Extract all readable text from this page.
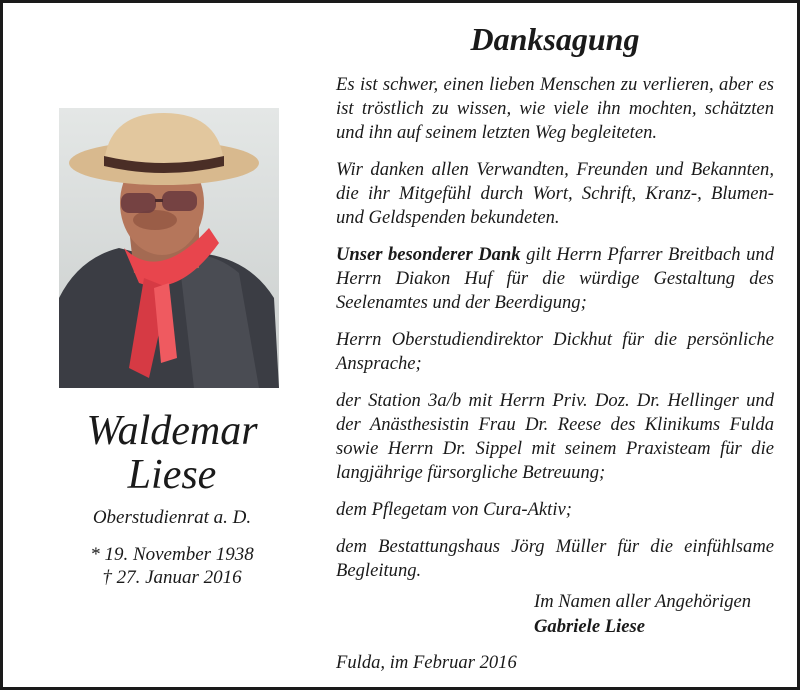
Waldemar
Liese
Oberstudienrat a. D.
* 19. November 1938
† 27. Januar 2016
Danksagung

Es ist schwer, einen lieben Menschen zu verlieren, aber es ist tröstlich zu wissen, wie viele ihn mochten, schätzten und ihn auf seinem letzten Weg begleiteten.

Wir danken allen Verwandten, Freunden und Bekannten, die ihr Mitgefühl durch Wort, Schrift, Kranz-, Blumen- und Geldspenden bekundeten.

Unser besonderer Dank gilt Herrn Pfarrer Breitbach und Herrn Diakon Huf für die würdige Gestaltung des Seelenamtes und der Beerdigung;

Herrn Oberstudiendirektor Dickhut für die persönliche Ansprache;

der Station 3a/b mit Herrn Priv. Doz. Dr. Hellinger und der Anästhesistin Frau Dr. Reese des Klinikums Fulda sowie Herrn Dr. Sippel mit seinem Praxisteam für die langjährige fürsorgliche Betreuung;

dem Pflegetam von Cura-Aktiv;

dem Bestattungshaus Jörg Müller für die einfühlsame Begleitung.

Im Namen aller Angehörigen
Gabriele Liese
Fulda, im Februar 2016
